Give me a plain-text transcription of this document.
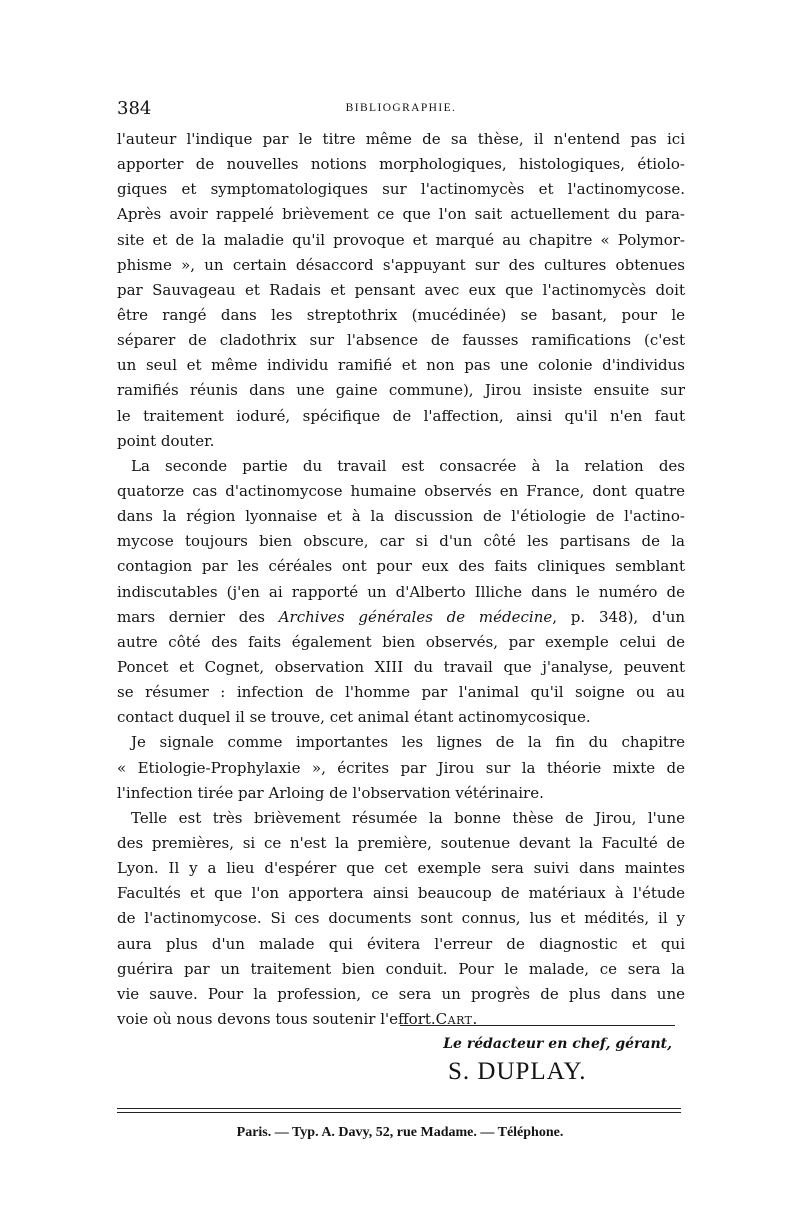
384	BIBLIOGRAPHIE.
l'auteur l'indique par le titre même de sa thèse, il n'entend pas ici
apporter de nouvelles notions morphologiques, histologiques, étiolo-
giques et symptomatologiques sur l'actinomycès et l'actinomycose.
Après avoir rappelé brièvement ce que l'on sait actuellement du para-
site et de la maladie qu'il provoque et marqué au chapitre « Polymor-
phisme », un certain désaccord s'appuyant sur des cultures obtenues
par Sauvageau et Radais et pensant avec eux que l'actinomycès doit
être rangé dans les streptothrix (mucédinée) se basant, pour le
séparer de cladothrix sur l'absence de fausses ramifications (c'est
un seul et même individu ramifié et non pas une colonie d'individus
ramifiés réunis dans une gaine commune), Jirou insiste ensuite sur
le traitement ioduré, spécifique de l'affection, ainsi qu'il n'en faut
point douter.
La seconde partie du travail est consacrée à la relation des
quatorze cas d'actinomycose humaine observés en France, dont quatre
dans la région lyonnaise et à la discussion de l'étiologie de l'actino-
mycose toujours bien obscure, car si d'un côté les partisans de la
contagion par les céréales ont pour eux des faits cliniques semblant
indiscutables (j'en ai rapporté un d'Alberto Illiche dans le numéro de
mars dernier des Archives générales de médecine, p. 348), d'un
autre côté des faits également bien observés, par exemple celui de
Poncet et Cognet, observation XIII du travail que j'analyse, peuvent
se résumer : infection de l'homme par l'animal qu'il soigne ou au
contact duquel il se trouve, cet animal étant actinomycosique.
Je signale comme importantes les lignes de la fin du chapitre
« Etiologie-Prophylaxie », écrites par Jirou sur la théorie mixte de
l'infection tirée par Arloing de l'observation vétérinaire.
Telle est très brièvement résumée la bonne thèse de Jirou, l'une
des premières, si ce n'est la première, soutenue devant la Faculté de
Lyon. Il y a lieu d'espérer que cet exemple sera suivi dans maintes
Facultés et que l'on apportera ainsi beaucoup de matériaux à l'étude
de l'actinomycose. Si ces documents sont connus, lus et médités, il y
aura plus d'un malade qui évitera l'erreur de diagnostic et qui
guérira par un traitement bien conduit. Pour le malade, ce sera la
vie sauve. Pour la profession, ce sera un progrès de plus dans une
voie où nous devons tous soutenir l'effort.Cart.
Le rédacteur en chef, gérant,
S. DUPLAY.
Paris. — Typ. A. Davy, 52, rue Madame. — Téléphone.
